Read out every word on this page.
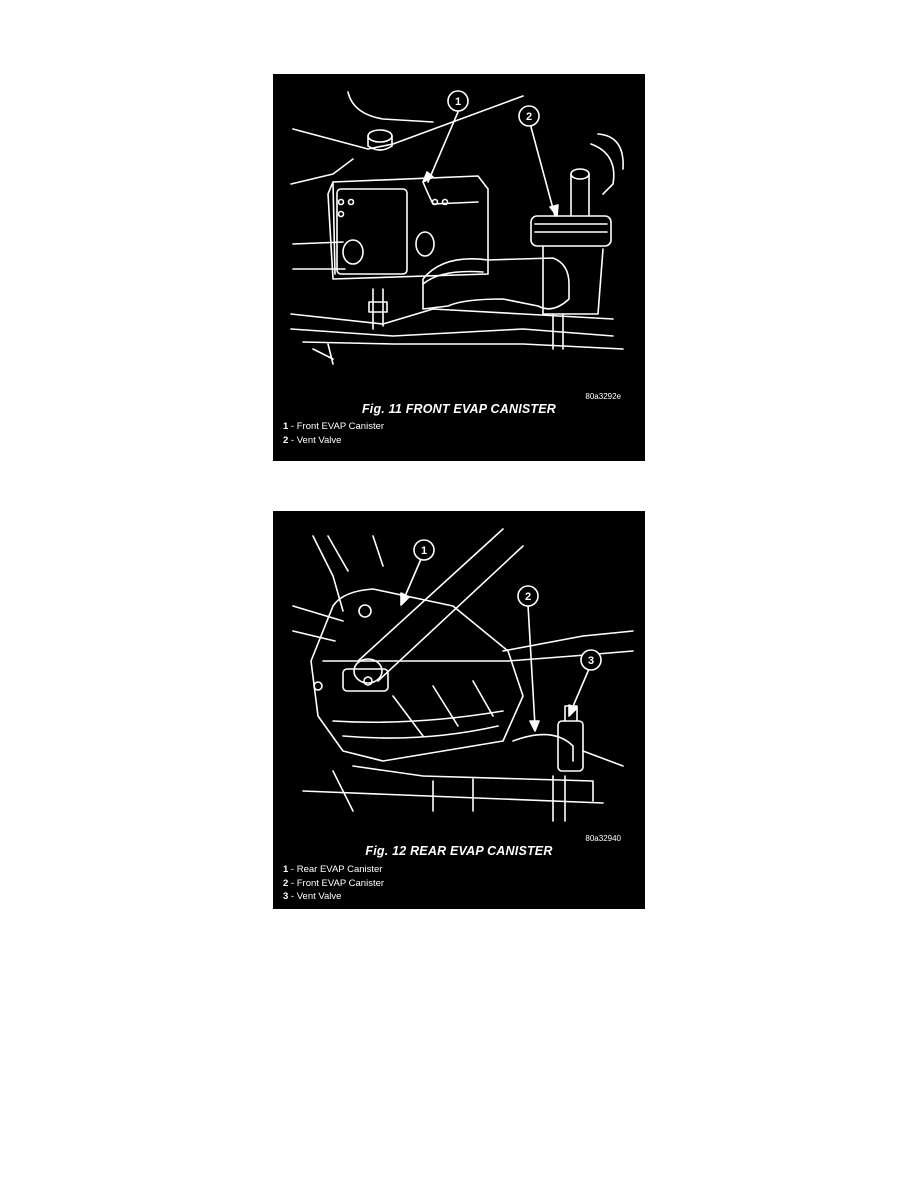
1
2
80a3292e
Fig. 11 FRONT EVAP CANISTER
1 - Front EVAP Canister
2 - Vent Valve
1
2
3
80a32940
Fig. 12 REAR EVAP CANISTER
1 - Rear EVAP Canister
2 - Front EVAP Canister
3 - Vent Valve
